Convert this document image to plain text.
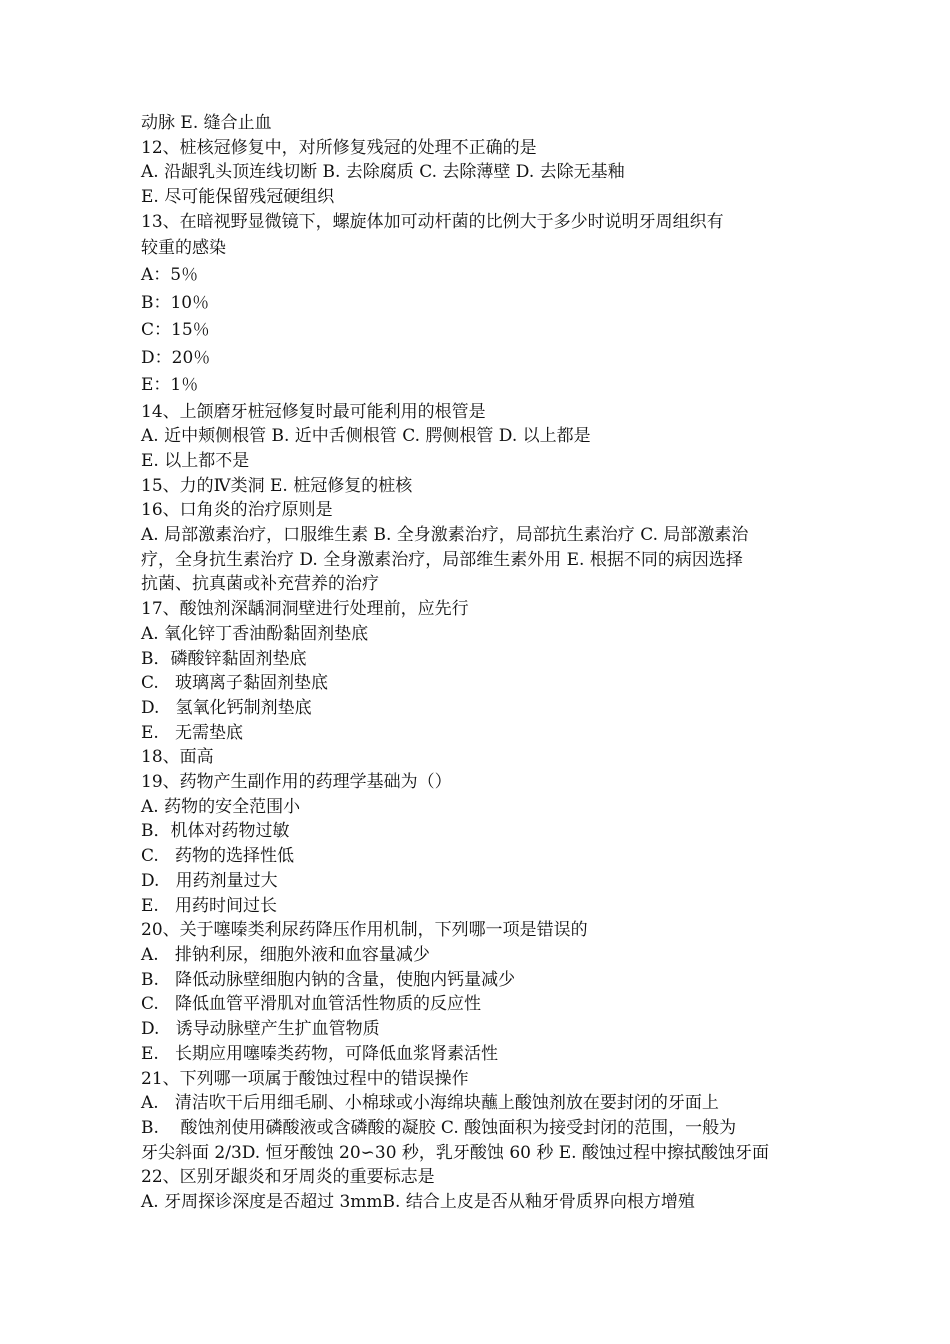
动脉 E. 缝合止血

12、桩核冠修复中，对所修复残冠的处理不正确的是

A. 沿龈乳头顶连线切断 B. 去除腐质 C. 去除薄壁 D. 去除无基釉

E. 尽可能保留残冠硬组织

13、在暗视野显微镜下，螺旋体加可动杆菌的比例大于多少时说明牙周组织有

较重的感染

A：5％

B：10％

C：15％

D：20％

E：1％

14、上颌磨牙桩冠修复时最可能利用的根管是

A. 近中颊侧根管 B. 近中舌侧根管 C. 腭侧根管 D. 以上都是

E. 以上都不是

15、力的Ⅳ类洞 E. 桩冠修复的桩核

16、口角炎的治疗原则是

A. 局部激素治疗，口服维生素 B. 全身激素治疗，局部抗生素治疗 C. 局部激素治

疗，全身抗生素治疗 D. 全身激素治疗，局部维生素外用 E. 根据不同的病因选择

抗菌、抗真菌或补充营养的治疗

17、酸蚀剂深龋洞洞壁进行处理前，应先行

A. 氧化锌丁香油酚黏固剂垫底

B．磷酸锌黏固剂垫底

C.   玻璃离子黏固剂垫底

D.   氢氧化钙制剂垫底

E.   无需垫底

18、面高

19、药物产生副作用的药理学基础为（）

A. 药物的安全范围小

B．机体对药物过敏

C.   药物的选择性低

D.   用药剂量过大

E.   用药时间过长

20、关于噻嗪类利尿药降压作用机制，下列哪一项是错误的

A.   排钠利尿，细胞外液和血容量减少

B.   降低动脉壁细胞内钠的含量，使胞内钙量减少

C.   降低血管平滑肌对血管活性物质的反应性

D.   诱导动脉壁产生扩血管物质

E.   长期应用噻嗪类药物，可降低血浆肾素活性

21、下列哪一项属于酸蚀过程中的错误操作

A.   清洁吹干后用细毛刷、小棉球或小海绵块蘸上酸蚀剂放在要封闭的牙面上

B.    酸蚀剂使用磷酸液或含磷酸的凝胶 C. 酸蚀面积为接受封闭的范围，一般为

牙尖斜面 2/3D. 恒牙酸蚀 20∽30 秒，乳牙酸蚀 60 秒 E. 酸蚀过程中擦拭酸蚀牙面

22、区别牙龈炎和牙周炎的重要标志是

A. 牙周探诊深度是否超过 3mmB. 结合上皮是否从釉牙骨质界向根方增殖
